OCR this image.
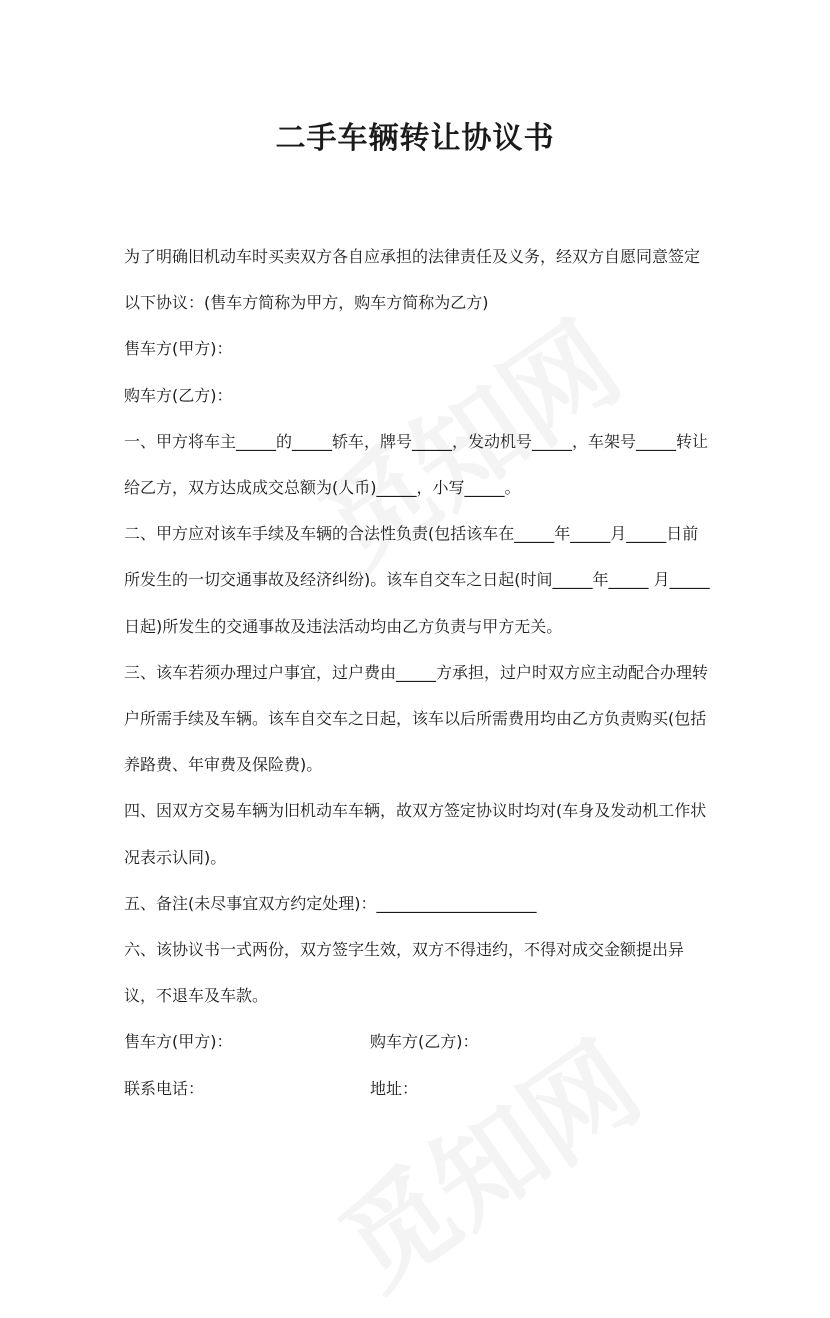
二手车辆转让协议书

为了明确旧机动车时买卖双方各自应承担的法律责任及义务，经双方自愿同意签定以下协议：(售车方简称为甲方，购车方简称为乙方)

售车方(甲方)：

购车方(乙方)：

一、甲方将车主_____的_____轿车，牌号_____，发动机号_____，车架号_____转让给乙方，双方达成成交总额为(人币)_____，小写_____。

二、甲方应对该车手续及车辆的合法性负责(包括该车在_____年_____月_____日前所发生的一切交通事故及经济纠纷)。该车自交车之日起(时间_____年_____ 月_____日起)所发生的交通事故及违法活动均由乙方负责与甲方无关。

三、该车若须办理过户事宜，过户费由_____方承担，过户时双方应主动配合办理转户所需手续及车辆。该车自交车之日起，该车以后所需费用均由乙方负责购买(包括养路费、年审费及保险费)。

四、因双方交易车辆为旧机动车车辆，故双方签定协议时均对(车身及发动机工作状况表示认同)。

五、备注(未尽事宜双方约定处理)：____________________

六、该协议书一式两份，双方签字生效，双方不得违约，不得对成交金额提出异议，不退车及车款。

售车方(甲方)：	购车方(乙方)：
联系电话：	地址：
